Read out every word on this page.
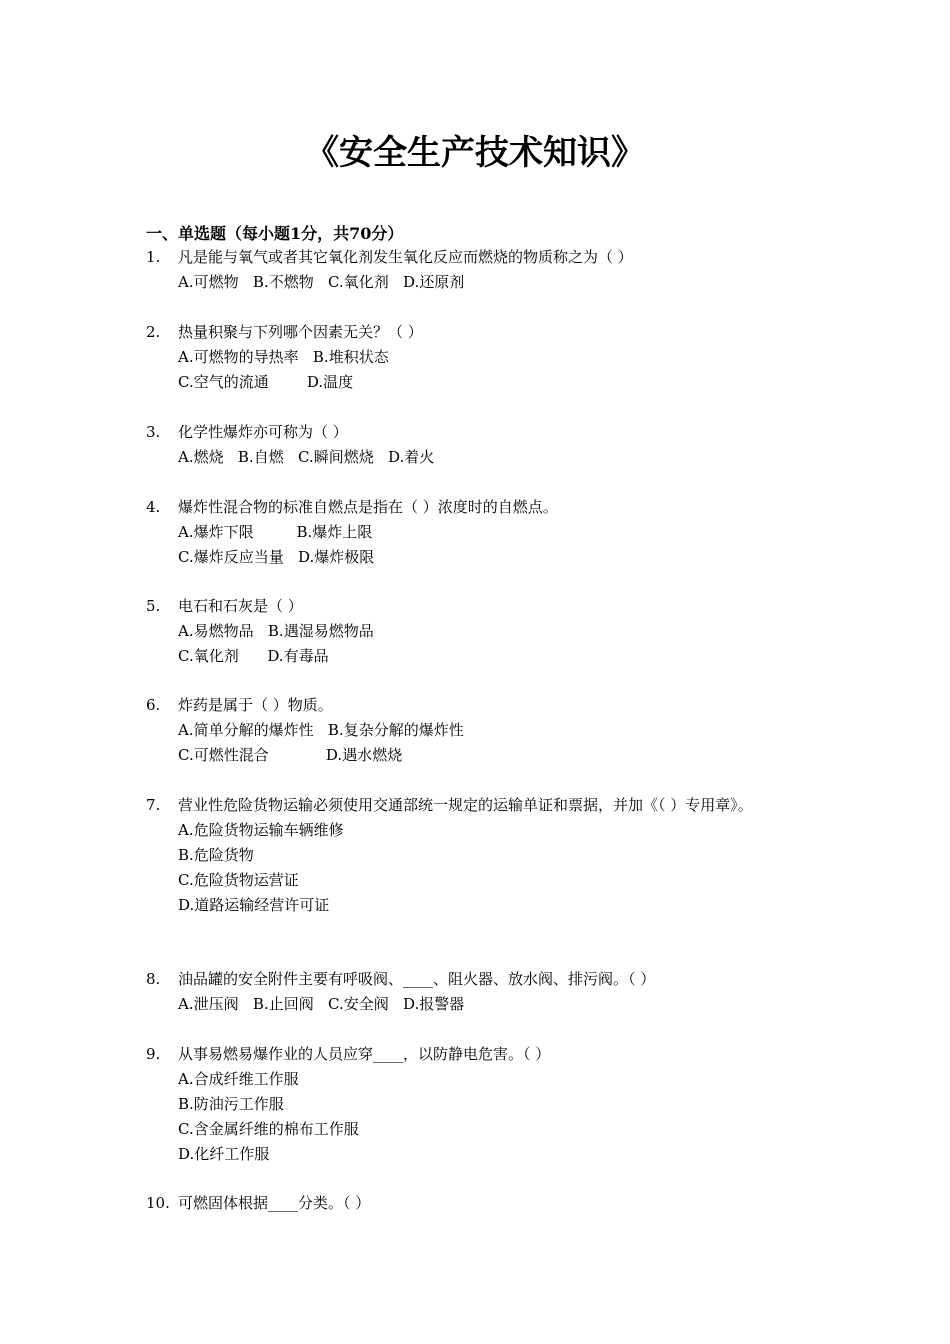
《安全生产技术知识》

一、单选题（每小题1分，共70分）

1. 凡是能与氧气或者其它氧化剂发生氧化反应而燃烧的物质称之为（ ）
A.可燃物   B.不燃物   C.氧化剂   D.还原剂
2. 热量积聚与下列哪个因素无关？（ ）
A.可燃物的导热率   B.堆积状态
C.空气的流通        D.温度
3. 化学性爆炸亦可称为（ ）
A.燃烧   B.自燃   C.瞬间燃烧   D.着火
4. 爆炸性混合物的标准自燃点是指在（ ）浓度时的自燃点。
A.爆炸下限         B.爆炸上限
C.爆炸反应当量   D.爆炸极限
5. 电石和石灰是（ ）
A.易燃物品   B.遇湿易燃物品
C.氧化剂      D.有毒品
6. 炸药是属于（ ）物质。
A.简单分解的爆炸性   B.复杂分解的爆炸性
C.可燃性混合            D.遇水燃烧
7. 营业性危险货物运输必须使用交通部统一规定的运输单证和票据，并加《（ ）专用章》。
A.危险货物运输车辆维修
B.危险货物
C.危险货物运营证
D.道路运输经营许可证
8. 油品罐的安全附件主要有呼吸阀、____、阻火器、放水阀、排污阀。（ ）
A.泄压阀   B.止回阀   C.安全阀   D.报警器
9. 从事易燃易爆作业的人员应穿____，以防静电危害。（ ）
A.合成纤维工作服
B.防油污工作服
C.含金属纤维的棉布工作服
D.化纤工作服
10. 可燃固体根据____分类。（ ）
